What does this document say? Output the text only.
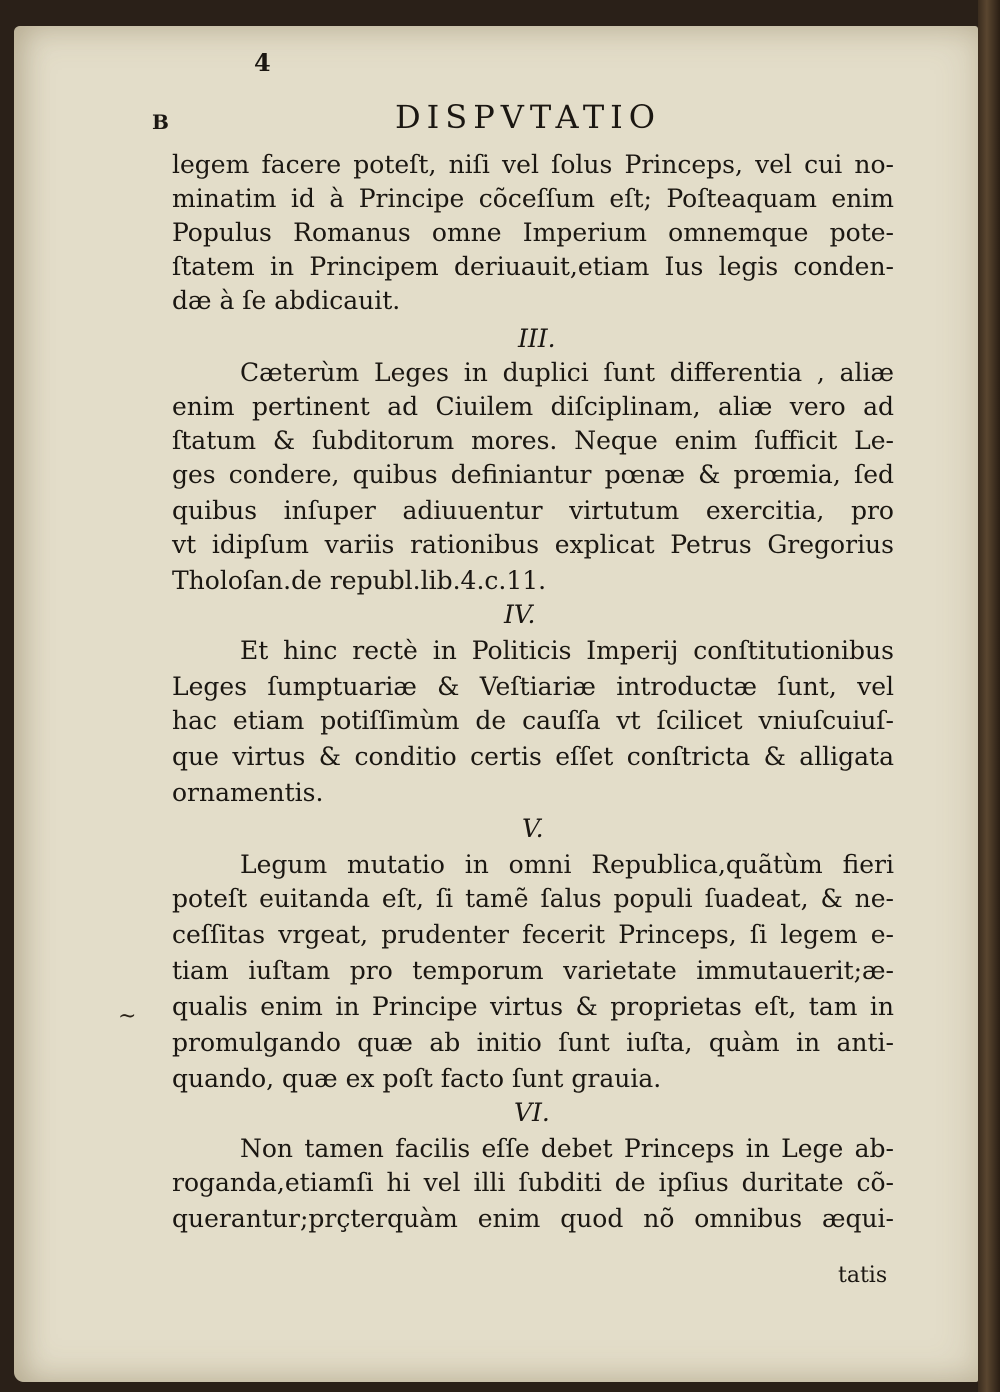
4
B	DISPVTATIO
~
legem facere poteſt, niſi vel ſolus Princeps, vel cui no-
minatim id à Principe cõceſſum eſt; Poſteaquam enim
Populus Romanus omne Imperium omnemque pote-
ſtatem in Principem deriuauit,etiam Ius legis conden-
dæ à ſe abdicauit.
III.
Cæterùm Leges in duplici ſunt differentia , aliæ
enim pertinent ad Ciuilem diſciplinam, aliæ vero ad
ſtatum & ſubditorum mores. Neque enim ſufficit Le-
ges condere, quibus definiantur pœnæ & prœmia, ſed
quibus inſuper adiuuentur virtutum exercitia, pro
vt idipſum variis rationibus explicat Petrus Gregorius
Tholoſan.de republ.lib.4.c.11.
IV.
Et hinc rectè in Politicis Imperij conſtitutionibus
Leges ſumptuariæ & Veſtiariæ introductæ ſunt, vel
hac etiam potiſſimùm de cauſſa vt ſcilicet vniuſcuiuſ-
que virtus & conditio certis eſſet conſtricta & alligata
ornamentis.
V.
Legum mutatio in omni Republica,quãtùm fieri
poteſt euitanda eſt, ſi tamẽ ſalus populi ſuadeat, & ne-
ceſſitas vrgeat, prudenter fecerit Princeps, ſi legem e-
tiam iuſtam pro temporum varietate immutauerit;æ-
qualis enim in Principe virtus & proprietas eſt, tam in
promulgando quæ ab initio ſunt iuſta, quàm in anti-
quando, quæ ex poſt facto ſunt grauia.
VI.
Non tamen facilis eſſe debet Princeps in Lege ab-
roganda,etiamſi hi vel illi ſubditi de ipſius duritate cõ-
querantur;prçterquàm enim quod nõ omnibus æqui-
tatis
